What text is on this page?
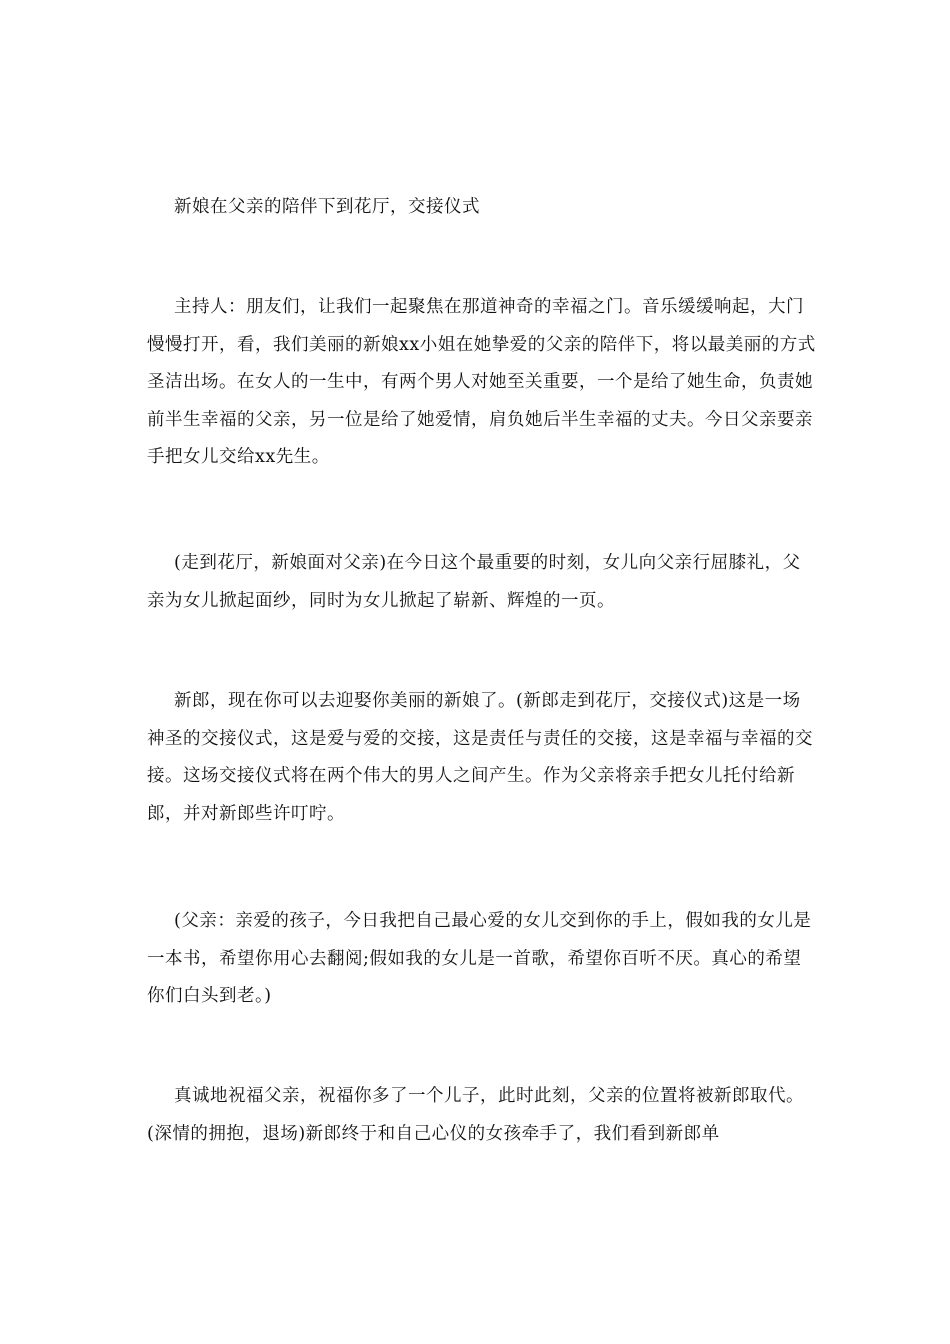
新娘在父亲的陪伴下到花厅，交接仪式

主持人：朋友们，让我们一起聚焦在那道神奇的幸福之门。音乐缓缓响起，大门慢慢打开，看，我们美丽的新娘xx小姐在她挚爱的父亲的陪伴下，将以最美丽的方式圣洁出场。在女人的一生中，有两个男人对她至关重要，一个是给了她生命，负责她前半生幸福的父亲，另一位是给了她爱情，肩负她后半生幸福的丈夫。今日父亲要亲手把女儿交给xx先生。

(走到花厅，新娘面对父亲)在今日这个最重要的时刻，女儿向父亲行屈膝礼，父亲为女儿掀起面纱，同时为女儿掀起了崭新、辉煌的一页。

新郎，现在你可以去迎娶你美丽的新娘了。(新郎走到花厅，交接仪式)这是一场神圣的交接仪式，这是爱与爱的交接，这是责任与责任的交接，这是幸福与幸福的交接。这场交接仪式将在两个伟大的男人之间产生。作为父亲将亲手把女儿托付给新郎，并对新郎些许叮咛。

(父亲：亲爱的孩子，今日我把自己最心爱的女儿交到你的手上，假如我的女儿是一本书，希望你用心去翻阅;假如我的女儿是一首歌，希望你百听不厌。真心的希望你们白头到老。)

真诚地祝福父亲，祝福你多了一个儿子，此时此刻，父亲的位置将被新郎取代。(深情的拥抱，退场)新郎终于和自己心仪的女孩牵手了，我们看到新郎单
